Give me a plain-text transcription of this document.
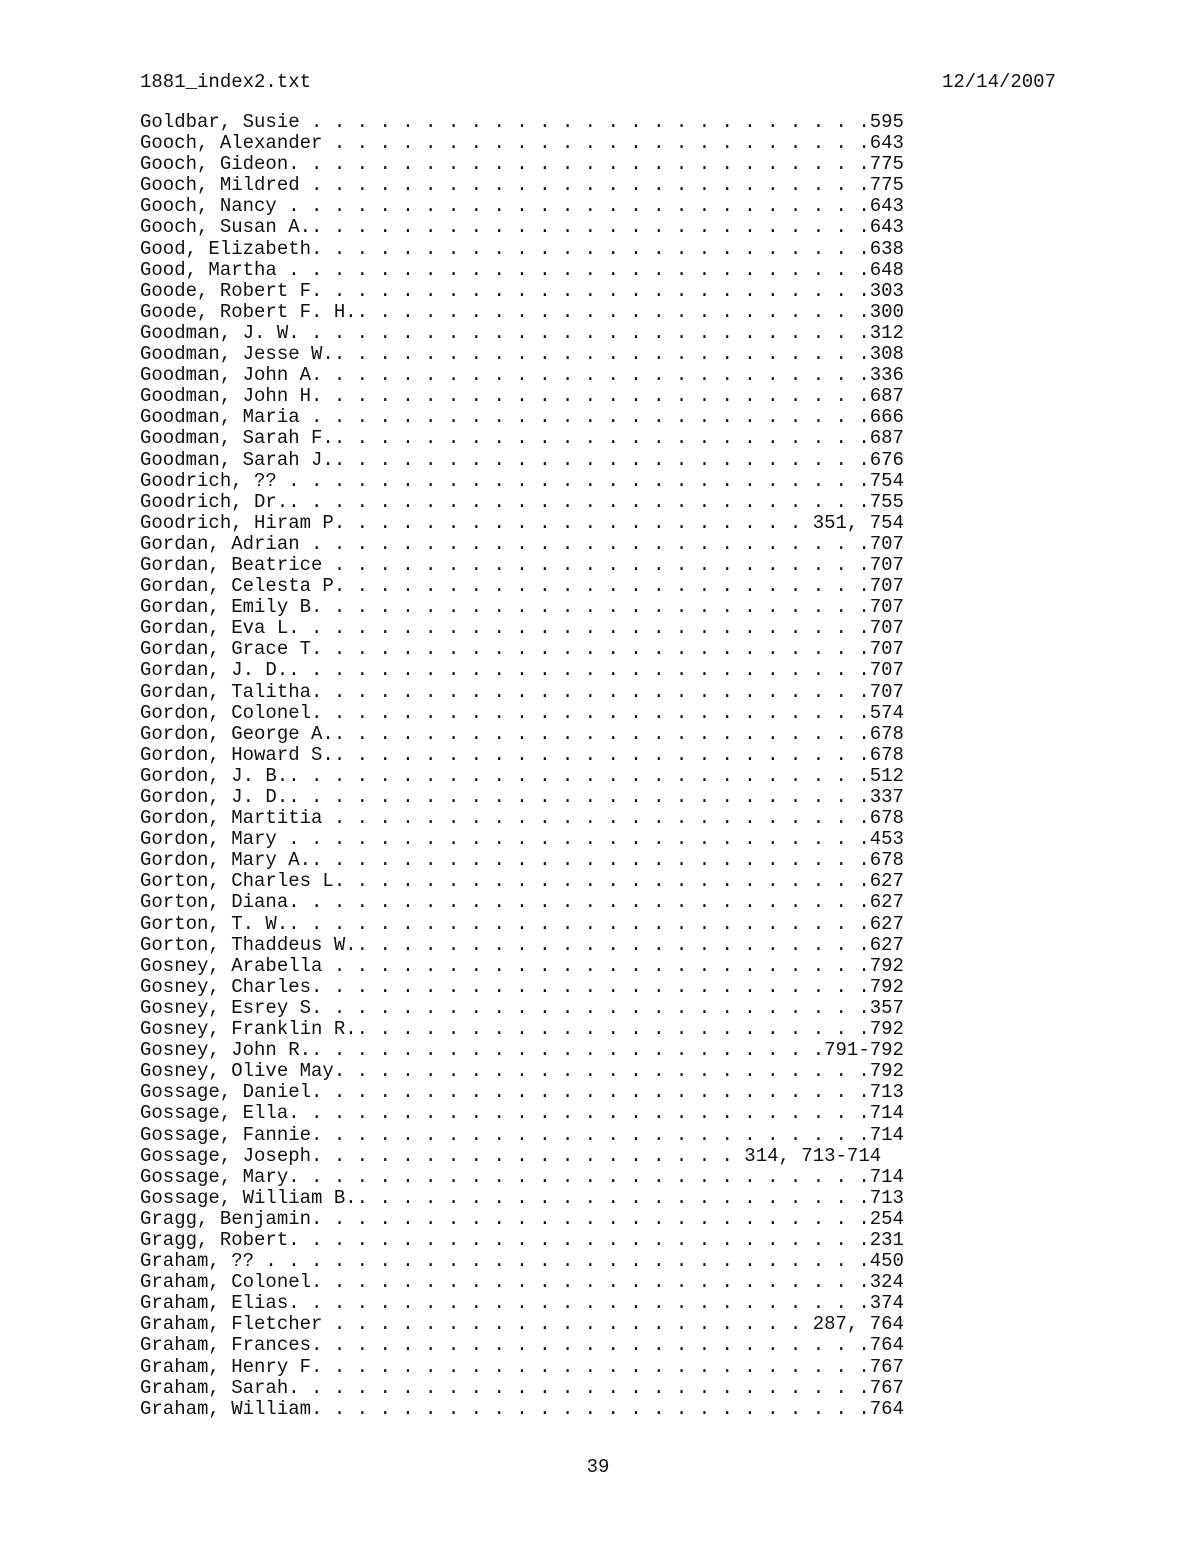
1881_index2.txt	12/14/2007
Goldbar, Susie . . . . . . . . . . . . . . . . . . . . . . . . .595
Gooch, Alexander . . . . . . . . . . . . . . . . . . . . . . . .643
Gooch, Gideon. . . . . . . . . . . . . . . . . . . . . . . . . .775
Gooch, Mildred . . . . . . . . . . . . . . . . . . . . . . . . .775
Gooch, Nancy . . . . . . . . . . . . . . . . . . . . . . . . . .643
Gooch, Susan A.. . . . . . . . . . . . . . . . . . . . . . . . .643
Good, Elizabeth. . . . . . . . . . . . . . . . . . . . . . . . .638
Good, Martha . . . . . . . . . . . . . . . . . . . . . . . . . .648
Goode, Robert F. . . . . . . . . . . . . . . . . . . . . . . . .303
Goode, Robert F. H.. . . . . . . . . . . . . . . . . . . . . . .300
Goodman, J. W. . . . . . . . . . . . . . . . . . . . . . . . . .312
Goodman, Jesse W.. . . . . . . . . . . . . . . . . . . . . . . .308
Goodman, John A. . . . . . . . . . . . . . . . . . . . . . . . .336
Goodman, John H. . . . . . . . . . . . . . . . . . . . . . . . .687
Goodman, Maria . . . . . . . . . . . . . . . . . . . . . . . . .666
Goodman, Sarah F.. . . . . . . . . . . . . . . . . . . . . . . .687
Goodman, Sarah J.. . . . . . . . . . . . . . . . . . . . . . . .676
Goodrich, ?? . . . . . . . . . . . . . . . . . . . . . . . . . .754
Goodrich, Dr.. . . . . . . . . . . . . . . . . . . . . . . . . .755
Goodrich, Hiram P. . . . . . . . . . . . . . . . . . . . . 351, 754
Gordan, Adrian . . . . . . . . . . . . . . . . . . . . . . . . .707
Gordan, Beatrice . . . . . . . . . . . . . . . . . . . . . . . .707
Gordan, Celesta P. . . . . . . . . . . . . . . . . . . . . . . .707
Gordan, Emily B. . . . . . . . . . . . . . . . . . . . . . . . .707
Gordan, Eva L. . . . . . . . . . . . . . . . . . . . . . . . . .707
Gordan, Grace T. . . . . . . . . . . . . . . . . . . . . . . . .707
Gordan, J. D.. . . . . . . . . . . . . . . . . . . . . . . . . .707
Gordan, Talitha. . . . . . . . . . . . . . . . . . . . . . . . .707
Gordon, Colonel. . . . . . . . . . . . . . . . . . . . . . . . .574
Gordon, George A.. . . . . . . . . . . . . . . . . . . . . . . .678
Gordon, Howard S.. . . . . . . . . . . . . . . . . . . . . . . .678
Gordon, J. B.. . . . . . . . . . . . . . . . . . . . . . . . . .512
Gordon, J. D.. . . . . . . . . . . . . . . . . . . . . . . . . .337
Gordon, Martitia . . . . . . . . . . . . . . . . . . . . . . . .678
Gordon, Mary . . . . . . . . . . . . . . . . . . . . . . . . . .453
Gordon, Mary A.. . . . . . . . . . . . . . . . . . . . . . . . .678
Gorton, Charles L. . . . . . . . . . . . . . . . . . . . . . . .627
Gorton, Diana. . . . . . . . . . . . . . . . . . . . . . . . . .627
Gorton, T. W.. . . . . . . . . . . . . . . . . . . . . . . . . .627
Gorton, Thaddeus W.. . . . . . . . . . . . . . . . . . . . . . .627
Gosney, Arabella . . . . . . . . . . . . . . . . . . . . . . . .792
Gosney, Charles. . . . . . . . . . . . . . . . . . . . . . . . .792
Gosney, Esrey S. . . . . . . . . . . . . . . . . . . . . . . . .357
Gosney, Franklin R.. . . . . . . . . . . . . . . . . . . . . . .792
Gosney, John R.. . . . . . . . . . . . . . . . . . . . . . .791-792
Gosney, Olive May. . . . . . . . . . . . . . . . . . . . . . . .792
Gossage, Daniel. . . . . . . . . . . . . . . . . . . . . . . . .713
Gossage, Ella. . . . . . . . . . . . . . . . . . . . . . . . . .714
Gossage, Fannie. . . . . . . . . . . . . . . . . . . . . . . . .714
Gossage, Joseph. . . . . . . . . . . . . . . . . . . 314, 713-714
Gossage, Mary. . . . . . . . . . . . . . . . . . . . . . . . . .714
Gossage, William B.. . . . . . . . . . . . . . . . . . . . . . .713
Gragg, Benjamin. . . . . . . . . . . . . . . . . . . . . . . . .254
Gragg, Robert. . . . . . . . . . . . . . . . . . . . . . . . . .231
Graham, ?? . . . . . . . . . . . . . . . . . . . . . . . . . . .450
Graham, Colonel. . . . . . . . . . . . . . . . . . . . . . . . .324
Graham, Elias. . . . . . . . . . . . . . . . . . . . . . . . . .374
Graham, Fletcher . . . . . . . . . . . . . . . . . . . . . 287, 764
Graham, Frances. . . . . . . . . . . . . . . . . . . . . . . . .764
Graham, Henry F. . . . . . . . . . . . . . . . . . . . . . . . .767
Graham, Sarah. . . . . . . . . . . . . . . . . . . . . . . . . .767
Graham, William. . . . . . . . . . . . . . . . . . . . . . . . .764
39
